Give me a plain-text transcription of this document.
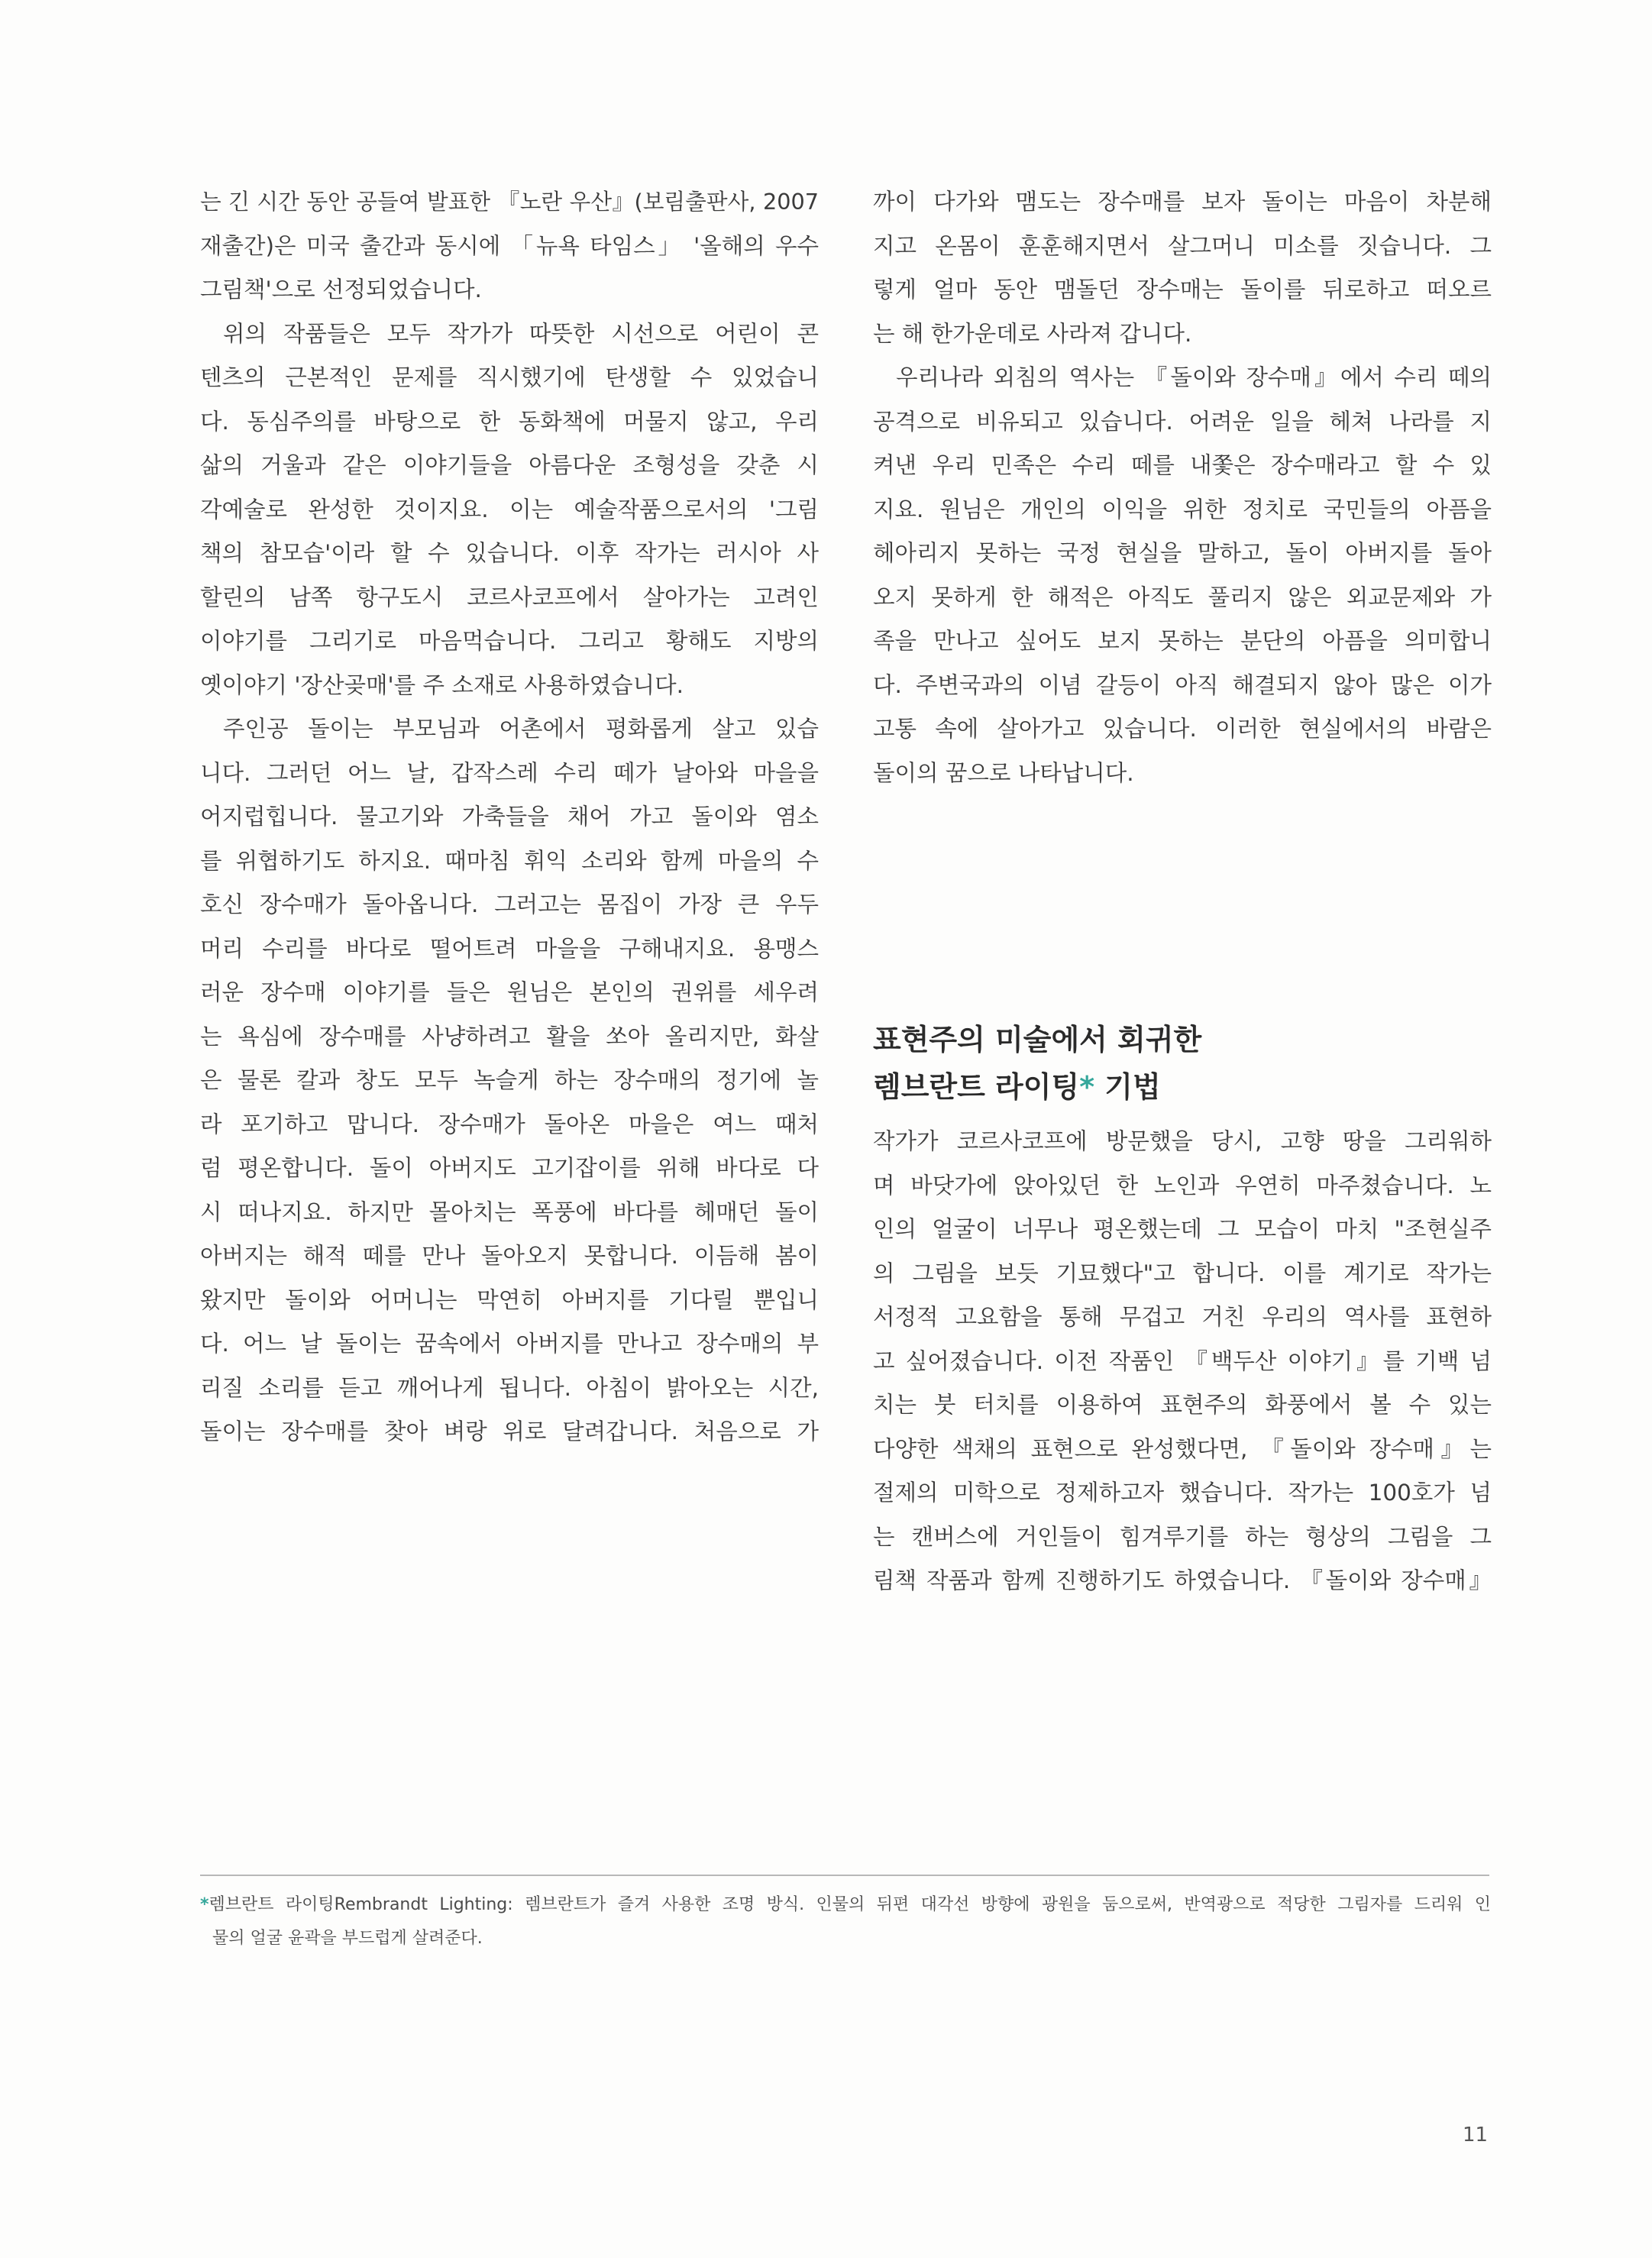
는 긴 시간 동안 공들여 발표한 『노란 우산』(보림출판사, 2007
재출간)은 미국 출간과 동시에 「뉴욕 타임스」 '올해의 우수
그림책'으로 선정되었습니다.
위의 작품들은 모두 작가가 따뜻한 시선으로 어린이 콘
텐츠의 근본적인 문제를 직시했기에 탄생할 수 있었습니
다. 동심주의를 바탕으로 한 동화책에 머물지 않고, 우리
삶의 거울과 같은 이야기들을 아름다운 조형성을 갖춘 시
각예술로 완성한 것이지요. 이는 예술작품으로서의 '그림
책의 참모습'이라 할 수 있습니다. 이후 작가는 러시아 사
할린의 남쪽 항구도시 코르사코프에서 살아가는 고려인
이야기를 그리기로 마음먹습니다. 그리고 황해도 지방의
옛이야기 '장산곶매'를 주 소재로 사용하였습니다.
주인공 돌이는 부모님과 어촌에서 평화롭게 살고 있습
니다. 그러던 어느 날, 갑작스레 수리 떼가 날아와 마을을
어지럽힙니다. 물고기와 가축들을 채어 가고 돌이와 염소
를 위협하기도 하지요. 때마침 휘익 소리와 함께 마을의 수
호신 장수매가 돌아옵니다. 그러고는 몸집이 가장 큰 우두
머리 수리를 바다로 떨어트려 마을을 구해내지요. 용맹스
러운 장수매 이야기를 들은 원님은 본인의 권위를 세우려
는 욕심에 장수매를 사냥하려고 활을 쏘아 올리지만, 화살
은 물론 칼과 창도 모두 녹슬게 하는 장수매의 정기에 놀
라 포기하고 맙니다. 장수매가 돌아온 마을은 여느 때처
럼 평온합니다. 돌이 아버지도 고기잡이를 위해 바다로 다
시 떠나지요. 하지만 몰아치는 폭풍에 바다를 헤매던 돌이
아버지는 해적 떼를 만나 돌아오지 못합니다. 이듬해 봄이
왔지만 돌이와 어머니는 막연히 아버지를 기다릴 뿐입니
다. 어느 날 돌이는 꿈속에서 아버지를 만나고 장수매의 부
리질 소리를 듣고 깨어나게 됩니다. 아침이 밝아오는 시간,
돌이는 장수매를 찾아 벼랑 위로 달려갑니다. 처음으로 가
까이 다가와 맴도는 장수매를 보자 돌이는 마음이 차분해
지고 온몸이 훈훈해지면서 살그머니 미소를 짓습니다. 그
렇게 얼마 동안 맴돌던 장수매는 돌이를 뒤로하고 떠오르
는 해 한가운데로 사라져 갑니다.
우리나라 외침의 역사는 『돌이와 장수매』에서 수리 떼의
공격으로 비유되고 있습니다. 어려운 일을 헤쳐 나라를 지
켜낸 우리 민족은 수리 떼를 내쫓은 장수매라고 할 수 있
지요. 원님은 개인의 이익을 위한 정치로 국민들의 아픔을
헤아리지 못하는 국정 현실을 말하고, 돌이 아버지를 돌아
오지 못하게 한 해적은 아직도 풀리지 않은 외교문제와 가
족을 만나고 싶어도 보지 못하는 분단의 아픔을 의미합니
다. 주변국과의 이념 갈등이 아직 해결되지 않아 많은 이가
고통 속에 살아가고 있습니다. 이러한 현실에서의 바람은
돌이의 꿈으로 나타납니다.
표현주의 미술에서 회귀한
렘브란트 라이팅* 기법
작가가 코르사코프에 방문했을 당시, 고향 땅을 그리워하
며 바닷가에 앉아있던 한 노인과 우연히 마주쳤습니다. 노
인의 얼굴이 너무나 평온했는데 그 모습이 마치 "조현실주
의 그림을 보듯 기묘했다"고 합니다. 이를 계기로 작가는
서정적 고요함을 통해 무겁고 거친 우리의 역사를 표현하
고 싶어졌습니다. 이전 작품인 『백두산 이야기』를 기백 넘
치는 붓 터치를 이용하여 표현주의 화풍에서 볼 수 있는
다양한 색채의 표현으로 완성했다면, 『돌이와 장수매』는
절제의 미학으로 정제하고자 했습니다. 작가는 100호가 넘
는 캔버스에 거인들이 힘겨루기를 하는 형상의 그림을 그
림책 작품과 함께 진행하기도 하였습니다. 『돌이와 장수매』
*렘브란트 라이팅Rembrandt Lighting: 렘브란트가 즐겨 사용한 조명 방식. 인물의 뒤편 대각선 방향에 광원을 둠으로써, 반역광으로 적당한 그림자를 드리워 인
물의 얼굴 윤곽을 부드럽게 살려준다.
11
